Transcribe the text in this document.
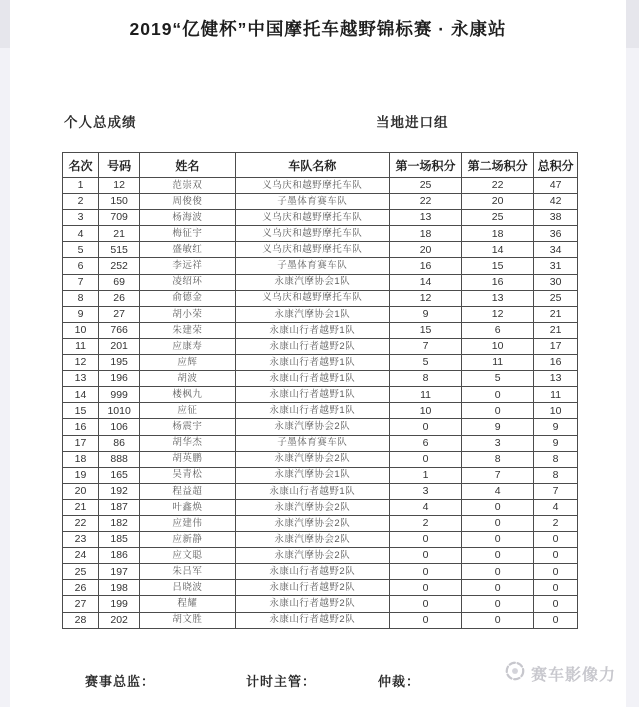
2019“亿健杯”中国摩托车越野锦标赛 · 永康站
个人总成绩	当地进口组
名次	号码	姓名	车队名称	第一场积分	第二场积分	总积分
1	12	范崇双	义乌庆和越野摩托车队	25	22	47
2	150	周俊俊	子墨体育赛车队	22	20	42
3	709	杨海波	义乌庆和越野摩托车队	13	25	38
4	21	梅征宇	义乌庆和越野摩托车队	18	18	36
5	515	盛敏红	义乌庆和越野摩托车队	20	14	34
6	252	李远祥	子墨体育赛车队	16	15	31
7	69	凌绍环	永康汽摩协会1队	14	16	30
8	26	俞德金	义乌庆和越野摩托车队	12	13	25
9	27	胡小荣	永康汽摩协会1队	9	12	21
10	766	朱建荣	永康山行者越野1队	15	6	21
11	201	应康寿	永康山行者越野2队	7	10	17
12	195	应辉	永康山行者越野1队	5	11	16
13	196	胡波	永康山行者越野1队	8	5	13
14	999	楼枫九	永康山行者越野1队	11	0	11
15	1010	应征	永康山行者越野1队	10	0	10
16	106	杨震宇	永康汽摩协会2队	0	9	9
17	86	胡华杰	子墨体育赛车队	6	3	9
18	888	胡英鹏	永康汽摩协会2队	0	8	8
19	165	吴青松	永康汽摩协会1队	1	7	8
20	192	程益超	永康山行者越野1队	3	4	7
21	187	叶鑫焕	永康汽摩协会2队	4	0	4
22	182	应建伟	永康汽摩协会2队	2	0	2
23	185	应新静	永康汽摩协会2队	0	0	0
24	186	应文聪	永康汽摩协会2队	0	0	0
25	197	朱吕军	永康山行者越野2队	0	0	0
26	198	吕晓波	永康山行者越野2队	0	0	0
27	199	程耀	永康山行者越野2队	0	0	0
28	202	胡文胜	永康山行者越野2队	0	0	0
赛事总监：	计时主管：	仲裁：	赛车影像力
